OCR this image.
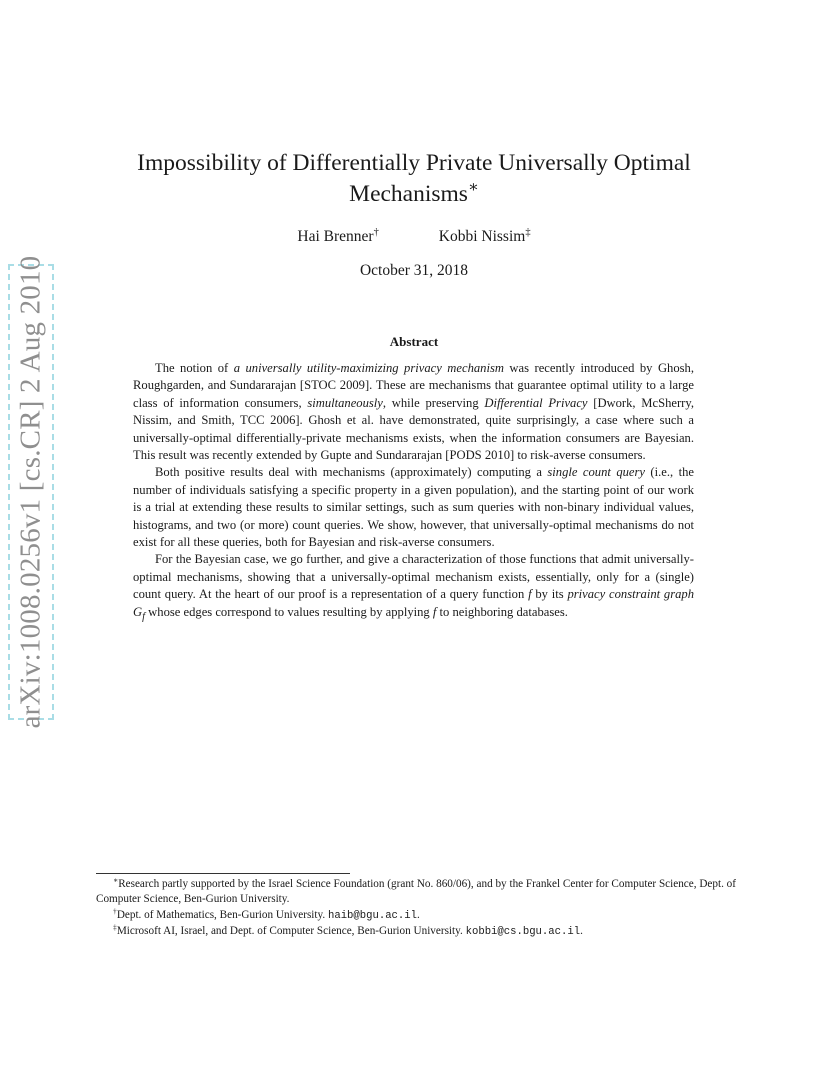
arXiv:1008.0256v1 [cs.CR] 2 Aug 2010
Impossibility of Differentially Private Universally Optimal
Mechanisms∗
Hai Brenner†	Kobbi Nissim‡
October 31, 2018
Abstract

The notion of a universally utility-maximizing privacy mechanism was recently introduced by Ghosh, Roughgarden, and Sundararajan [STOC 2009]. These are mechanisms that guarantee optimal utility to a large class of information consumers, simultaneously, while preserving Differential Privacy [Dwork, McSherry, Nissim, and Smith, TCC 2006]. Ghosh et al. have demonstrated, quite surprisingly, a case where such a universally-optimal differentially-private mechanisms exists, when the information consumers are Bayesian. This result was recently extended by Gupte and Sundararajan [PODS 2010] to risk-averse consumers.

Both positive results deal with mechanisms (approximately) computing a single count query (i.e., the number of individuals satisfying a specific property in a given population), and the starting point of our work is a trial at extending these results to similar settings, such as sum queries with non-binary individual values, histograms, and two (or more) count queries. We show, however, that universally-optimal mechanisms do not exist for all these queries, both for Bayesian and risk-averse consumers.

For the Bayesian case, we go further, and give a characterization of those functions that admit universally-optimal mechanisms, showing that a universally-optimal mechanism exists, essentially, only for a (single) count query. At the heart of our proof is a representation of a query function f by its privacy constraint graph $G_f$ whose edges correspond to values resulting by applying f to neighboring databases.

∗Research partly supported by the Israel Science Foundation (grant No. 860/06), and by the Frankel Center for Computer Science, Dept. of Computer Science, Ben-Gurion University.

†Dept. of Mathematics, Ben-Gurion University. haib@bgu.ac.il.

‡Microsoft AI, Israel, and Dept. of Computer Science, Ben-Gurion University. kobbi@cs.bgu.ac.il.
